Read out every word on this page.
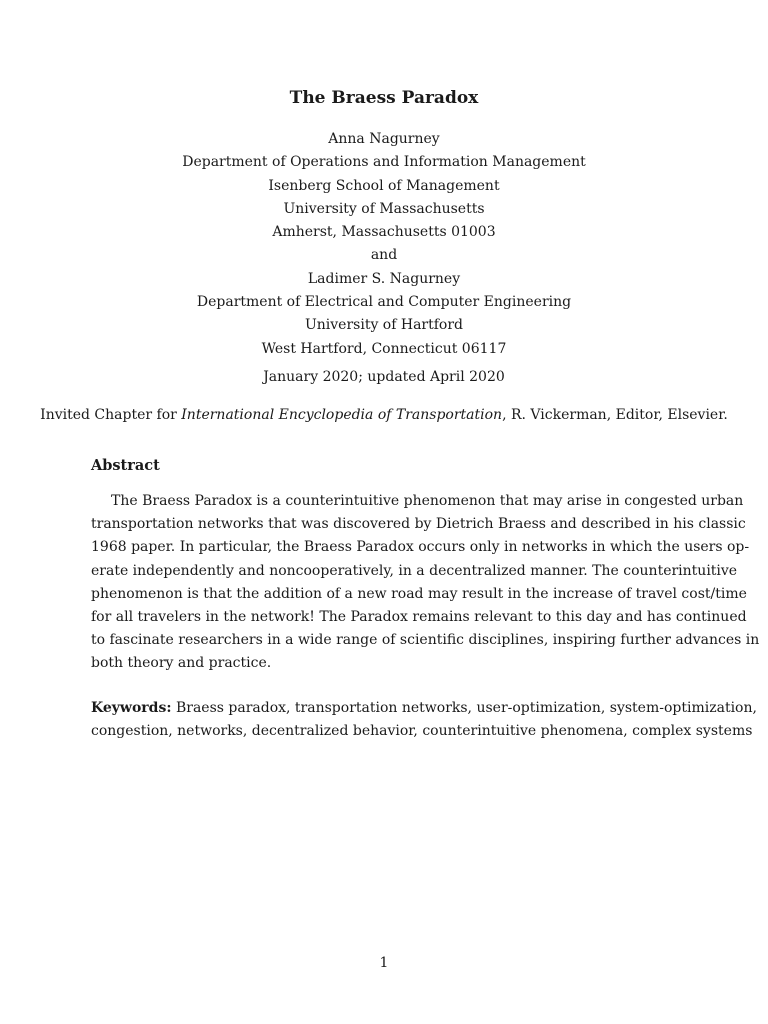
The Braess Paradox
Anna Nagurney
Department of Operations and Information Management
Isenberg School of Management
University of Massachusetts
Amherst, Massachusetts 01003
and
Ladimer S. Nagurney
Department of Electrical and Computer Engineering
University of Hartford
West Hartford, Connecticut 06117
January 2020; updated April 2020
Invited Chapter for International Encyclopedia of Transportation, R. Vickerman, Editor, Elsevier.
Abstract
The Braess Paradox is a counterintuitive phenomenon that may arise in congested urban
transportation networks that was discovered by Dietrich Braess and described in his classic
1968 paper. In particular, the Braess Paradox occurs only in networks in which the users op-
erate independently and noncooperatively, in a decentralized manner. The counterintuitive
phenomenon is that the addition of a new road may result in the increase of travel cost/time
for all travelers in the network! The Paradox remains relevant to this day and has continued
to fascinate researchers in a wide range of scientific disciplines, inspiring further advances in
both theory and practice.
Keywords: Braess paradox, transportation networks, user-optimization, system-optimization,
congestion, networks, decentralized behavior, counterintuitive phenomena, complex systems
1
